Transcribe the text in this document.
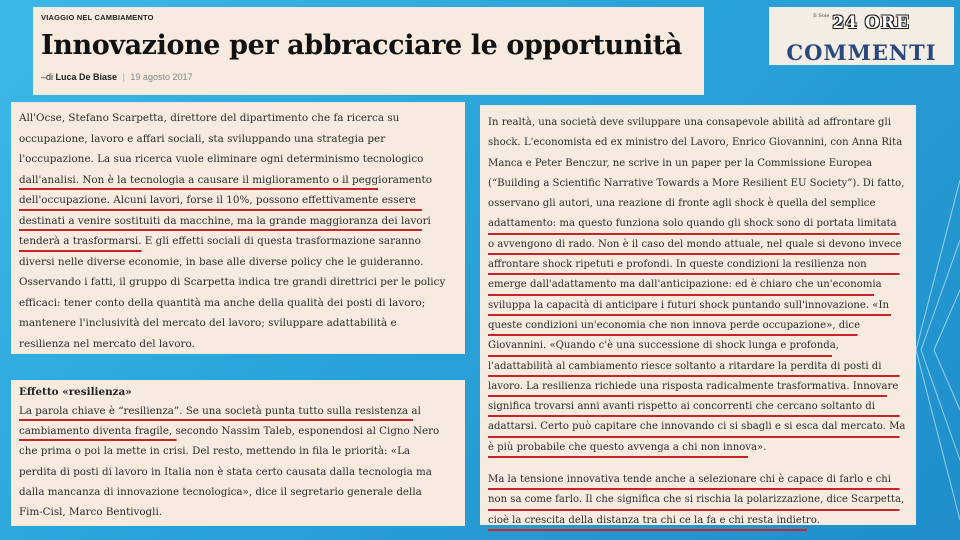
VIAGGIO NEL CAMBIAMENTO
Innovazione per abbracciare le opportunità
–di Luca De Biase | 19 agosto 2017
$^{Il Sole}$ 24 ORE
COMMENTI
All'Ocse, Stefano Scarpetta, direttore del dipartimento che fa ricerca su
occupazione, lavoro e affari sociali, sta sviluppando una strategia per
l'occupazione. La sua ricerca vuole eliminare ogni determinismo tecnologico
dall'analisi. Non è la tecnologia a causare il miglioramento o il peggioramento
dell'occupazione. Alcuni lavori, forse il 10%, possono effettivamente essere
destinati a venire sostituiti da macchine, ma la grande maggioranza dei lavori
tenderà a trasformarsi. E gli effetti sociali di questa trasformazione saranno
diversi nelle diverse economie, in base alle diverse policy che le guideranno.
Osservando i fatti, il gruppo di Scarpetta indica tre grandi direttrici per le policy
efficaci: tener conto della quantità ma anche della qualità dei posti di lavoro;
mantenere l'inclusività del mercato del lavoro; sviluppare adattabilità e
resilienza nel mercato del lavoro.
Effetto «resilienza»
La parola chiave è “resilienza”. Se una società punta tutto sulla resistenza al
cambiamento diventa fragile, secondo Nassim Taleb, esponendosi al Cigno Nero
che prima o poi la mette in crisi. Del resto, mettendo in fila le priorità: «La
perdita di posti di lavoro in Italia non è stata certo causata dalla tecnologia ma
dalla mancanza di innovazione tecnologica», dice il segretario generale della
Fim-Cisl, Marco Bentivogli.
In realtà, una società deve sviluppare una consapevole abilità ad affrontare gli
shock. L'economista ed ex ministro del Lavoro, Enrico Giovannini, con Anna Rita
Manca e Peter Benczur, ne scrive in un paper per la Commissione Europea
(“Building a Scientific Narrative Towards a More Resilient EU Society”). Di fatto,
osservano gli autori, una reazione di fronte agli shock è quella del semplice
adattamento: ma questo funziona solo quando gli shock sono di portata limitata
o avvengono di rado. Non è il caso del mondo attuale, nel quale si devono invece
affrontare shock ripetuti e profondi. In queste condizioni la resilienza non
emerge dall'adattamento ma dall'anticipazione: ed è chiaro che un'economia
sviluppa la capacità di anticipare i futuri shock puntando sull'innovazione. «In
queste condizioni un'economia che non innova perde occupazione», dice
Giovannini. «Quando c'è una successione di shock lunga e profonda,
l'adattabilità al cambiamento riesce soltanto a ritardare la perdita di posti di
lavoro. La resilienza richiede una risposta radicalmente trasformativa. Innovare
significa trovarsi anni avanti rispetto ai concorrenti che cercano soltanto di
adattarsi. Certo può capitare che innovando ci si sbagli e si esca dal mercato. Ma
è più probabile che questo avvenga a chi non innova».
Ma la tensione innovativa tende anche a selezionare chi è capace di farlo e chi
non sa come farlo. Il che significa che si rischia la polarizzazione, dice Scarpetta,
cioè la crescita della distanza tra chi ce la fa e chi resta indietro.
